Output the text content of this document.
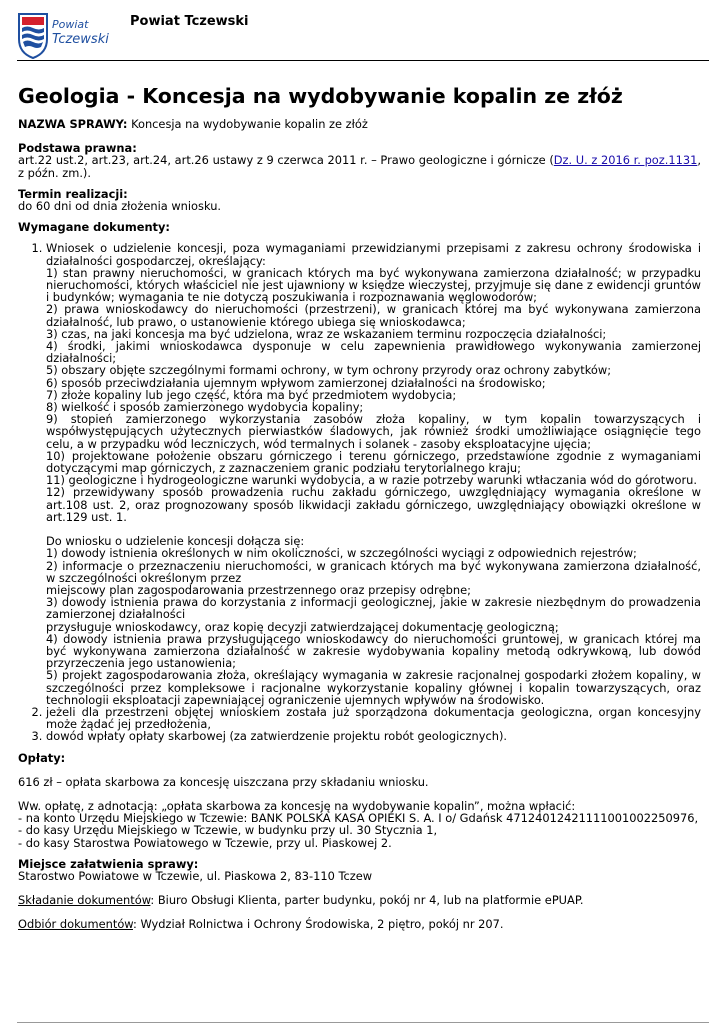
Powiat
Tczewski
Powiat Tczewski
Geologia - Koncesja na wydobywanie kopalin ze złóż

NAZWA SPRAWY: Koncesja na wydobywanie kopalin ze złóż

Podstawa prawna:

art.22 ust.2, art.23, art.24, art.26 ustawy z 9 czerwca 2011 r. – Prawo geologiczne i górnicze (Dz. U. z 2016 r. poz.1131, z późn. zm.).

Termin realizacji:

do 60 dni od dnia złożenia wniosku.

Wymagane dokumenty:

1. Wniosek o udzielenie koncesji, poza wymaganiami przewidzianymi przepisami z zakresu ochrony środowiska i działalności gospodarczej, określający:
1) stan prawny nieruchomości, w granicach których ma być wykonywana zamierzona działalność; w przypadku nieruchomości, których właściciel nie jest ujawniony w księdze wieczystej, przyjmuje się dane z ewidencji gruntów i budynków; wymagania te nie dotyczą poszukiwania i rozpoznawania węglowodorów;
2) prawa wnioskodawcy do nieruchomości (przestrzeni), w granicach której ma być wykonywana zamierzona działalność, lub prawo, o ustanowienie którego ubiega się wnioskodawca;
3) czas, na jaki koncesja ma być udzielona, wraz ze wskazaniem terminu rozpoczęcia działalności;
4) środki, jakimi wnioskodawca dysponuje w celu zapewnienia prawidłowego wykonywania zamierzonej działalności;
5) obszary objęte szczególnymi formami ochrony, w tym ochrony przyrody oraz ochrony zabytków;
6) sposób przeciwdziałania ujemnym wpływom zamierzonej działalności na środowisko;
7) złoże kopaliny lub jego część, która ma być przedmiotem wydobycia;
8) wielkość i sposób zamierzonego wydobycia kopaliny;
9) stopień zamierzonego wykorzystania zasobów złoża kopaliny, w tym kopalin towarzyszących i współwystępujących użytecznych pierwiastków śladowych, jak również środki umożliwiające osiągnięcie tego celu, a w przypadku wód leczniczych, wód termalnych i solanek - zasoby eksploatacyjne ujęcia;
10) projektowane położenie obszaru górniczego i terenu górniczego, przedstawione zgodnie z wymaganiami dotyczącymi map górniczych, z zaznaczeniem granic podziału terytorialnego kraju;
11) geologiczne i hydrogeologiczne warunki wydobycia, a w razie potrzeby warunki wtłaczania wód do górotworu.
12) przewidywany sposób prowadzenia ruchu zakładu górniczego, uwzględniający wymagania określone w art.108 ust. 2, oraz prognozowany sposób likwidacji zakładu górniczego, uwzględniający obowiązki określone w art.129 ust. 1.
Do wniosku o udzielenie koncesji dołącza się:
1) dowody istnienia określonych w nim okoliczności, w szczególności wyciągi z odpowiednich rejestrów;
2) informacje o przeznaczeniu nieruchomości, w granicach których ma być wykonywana zamierzona działalność, w szczególności określonym przez
miejscowy plan zagospodarowania przestrzennego oraz przepisy odrębne;
3) dowody istnienia prawa do korzystania z informacji geologicznej, jakie w zakresie niezbędnym do prowadzenia zamierzonej działalności
przysługuje wnioskodawcy, oraz kopię decyzji zatwierdzającej dokumentację geologiczną;
4) dowody istnienia prawa przysługującego wnioskodawcy do nieruchomości gruntowej, w granicach której ma być wykonywana zamierzona działalność w zakresie wydobywania kopaliny metodą odkrywkową, lub dowód przyrzeczenia jego ustanowienia;
5) projekt zagospodarowania złoża, określający wymagania w zakresie racjonalnej gospodarki złożem kopaliny, w szczególności przez kompleksowe i racjonalne wykorzystanie kopaliny głównej i kopalin towarzyszących, oraz technologii eksploatacji zapewniającej ograniczenie ujemnych wpływów na środowisko.
2. jeżeli dla przestrzeni objętej wnioskiem została już sporządzona dokumentacja geologiczna, organ koncesyjny może żądać jej przedłożenia,
3. dowód wpłaty opłaty skarbowej (za zatwierdzenie projektu robót geologicznych).

Opłaty:

616 zł – opłata skarbowa za koncesję uiszczana przy składaniu wniosku.

Ww. opłatę, z adnotacją: „opłata skarbowa za koncesję na wydobywanie kopalin”, można wpłacić:
- na konto Urzędu Miejskiego w Tczewie: BANK POLSKA KASA OPIEKI S. A. I o/ Gdańsk 47124012421111001002250976,
- do kasy Urzędu Miejskiego w Tczewie, w budynku przy ul. 30 Stycznia 1,
- do kasy Starostwa Powiatowego w Tczewie, przy ul. Piaskowej 2.

Miejsce załatwienia sprawy:

Starostwo Powiatowe w Tczewie, ul. Piaskowa 2, 83-110 Tczew

Składanie dokumentów: Biuro Obsługi Klienta, parter budynku, pokój nr 4, lub na platformie ePUAP.

Odbiór dokumentów: Wydział Rolnictwa i Ochrony Środowiska, 2 piętro, pokój nr 207.
